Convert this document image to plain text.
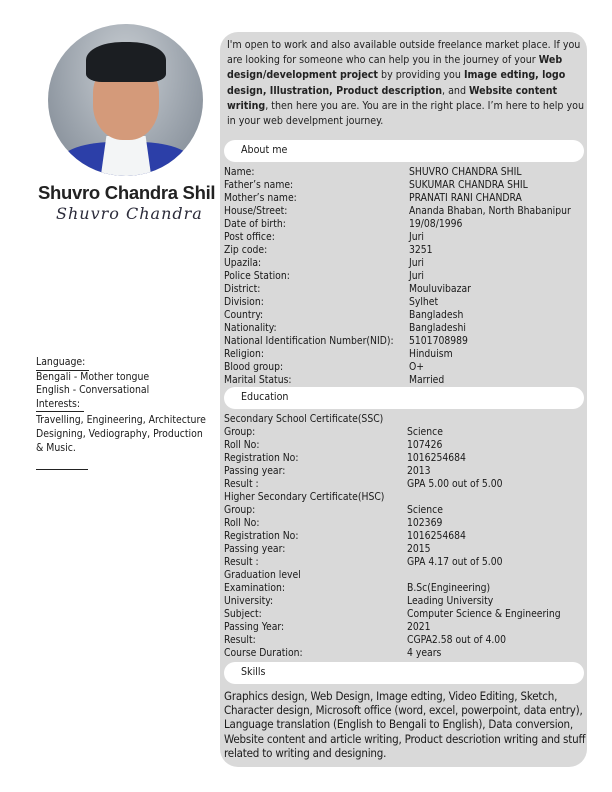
Shuvro Chandra Shil
Shuvro Chandra
Language:
Bengali - Mother tongue
English - Conversational
Interests:
Travelling, Engineering, Architecture
Designing, Vediography, Production
& Music.
I'm open to work and also available outside freelance market place. If you are looking for someone who can help you in the journey of your Web design/development project by providing you Image edting, logo design, Illustration, Product description, and Website content writing, then here you are. You are in the right place. I’m here to help you in your web develpment journey.
About me
Name:	SHUVRO CHANDRA SHIL
Father’s name:	SUKUMAR CHANDRA SHIL
Mother’s name:	PRANATI RANI CHANDRA
House/Street:	Ananda Bhaban, North Bhabanipur
Date of birth:	19/08/1996
Post office:	Juri
Zip code:	3251
Upazila:	Juri
Police Station:	Juri
District:	Mouluvibazar
Division:	Sylhet
Country:	Bangladesh
Nationality:	Bangladeshi
National Identification Number(NID):	5101708989
Religion:	Hinduism
Blood group:	O+
Marital Status:	Married
Education
Secondary School Certificate(SSC)
Group:	Science
Roll No:	107426
Registration No:	1016254684
Passing year:	2013
Result :	GPA 5.00 out of 5.00
Higher Secondary Certificate(HSC)
Group:	Science
Roll No:	102369
Registration No:	1016254684
Passing year:	2015
Result :	GPA 4.17 out of 5.00
Graduation level
Examination:	B.Sc(Engineering)
University:	Leading University
Subject:	Computer Science & Engineering
Passing Year:	2021
Result:	CGPA2.58 out of 4.00
Course Duration:	4 years
Skills
Graphics design, Web Design, Image edting, Video Editing, Sketch, Character design, Microsoft office (word, excel, powerpoint, data entry), Language translation (English to Bengali to English), Data conversion, Website content and article writing, Product descriotion writing and stuff related to writing and designing.
